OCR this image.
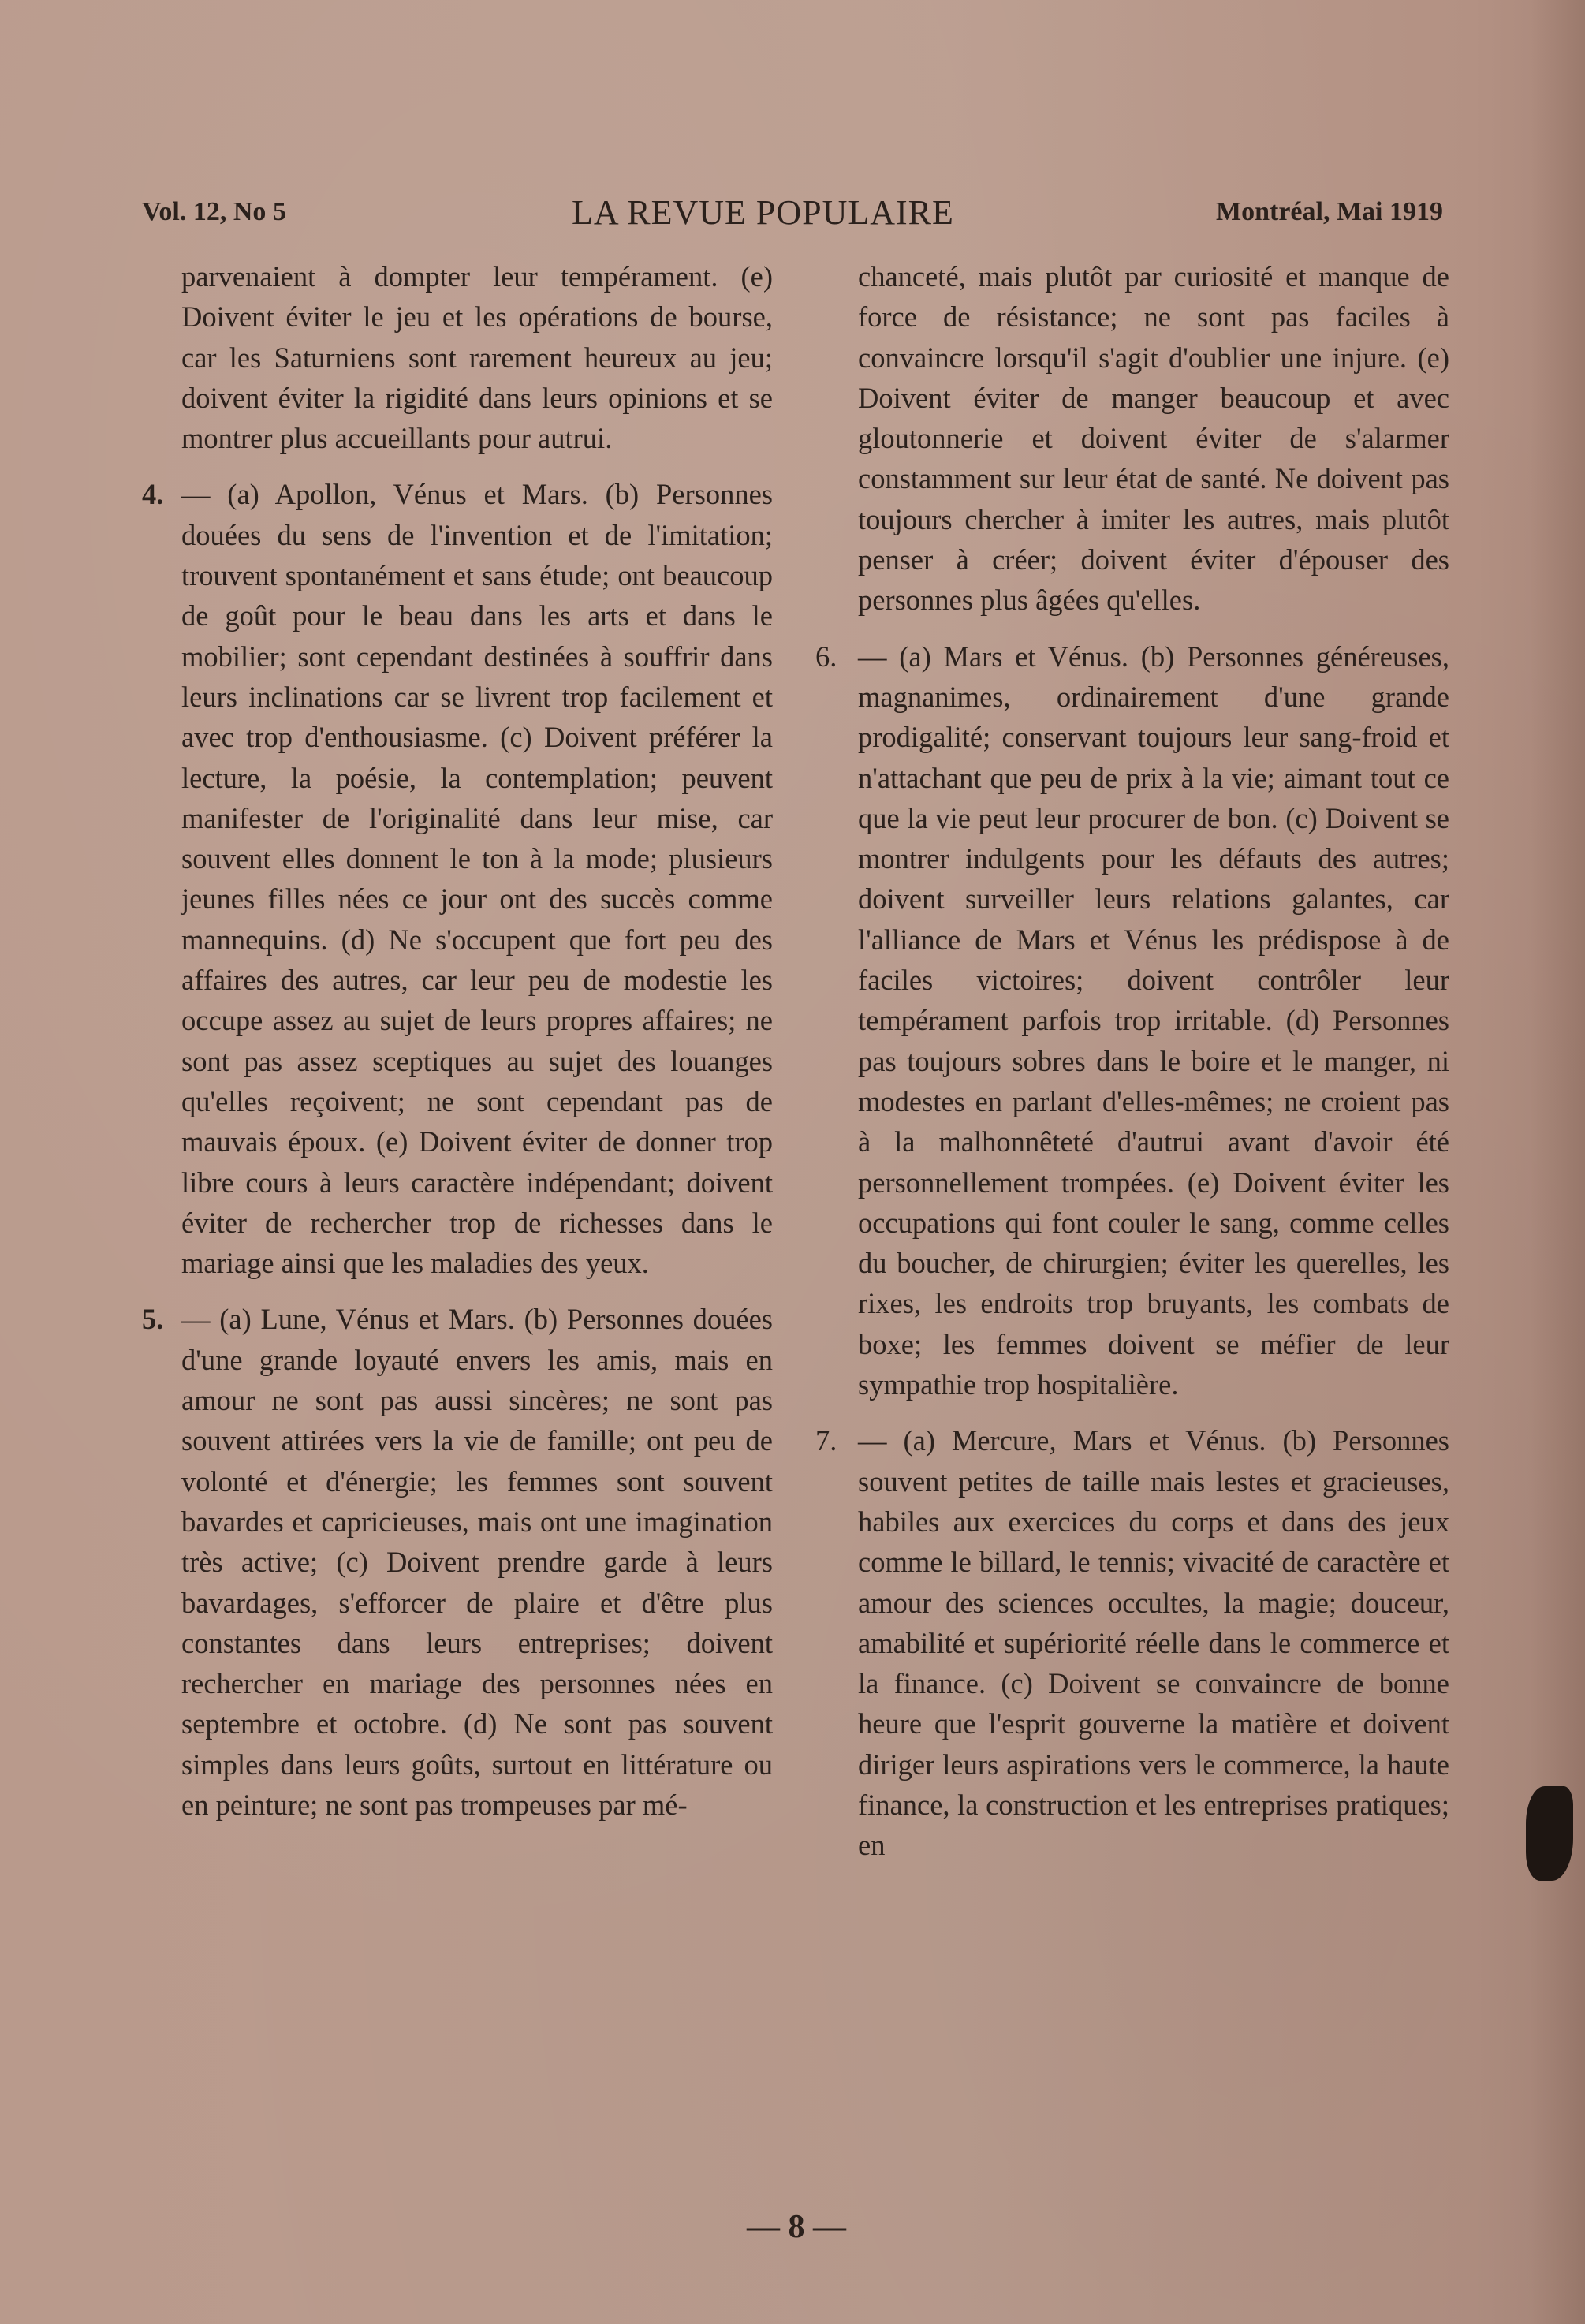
Vol. 12, No 5	LA REVUE POPULAIRE	Montréal, Mai 1919

parvenaient à dompter leur tempérament. (e) Doivent éviter le jeu et les opérations de bourse, car les Saturniens sont rarement heureux au jeu; doivent éviter la rigidité dans leurs opinions et se montrer plus accueillants pour autrui.

4. — (a) Apollon, Vénus et Mars. (b) Personnes douées du sens de l'invention et de l'imitation; trouvent spontanément et sans étude; ont beaucoup de goût pour le beau dans les arts et dans le mobilier; sont cependant destinées à souffrir dans leurs inclinations car se livrent trop facilement et avec trop d'enthousiasme. (c) Doivent préférer la lecture, la poésie, la contemplation; peuvent manifester de l'originalité dans leur mise, car souvent elles donnent le ton à la mode; plusieurs jeunes filles nées ce jour ont des succès comme mannequins. (d) Ne s'occupent que fort peu des affaires des autres, car leur peu de modestie les occupe assez au sujet de leurs propres affaires; ne sont pas assez sceptiques au sujet des louanges qu'elles reçoivent; ne sont cependant pas de mauvais époux. (e) Doivent éviter de donner trop libre cours à leurs caractère indépendant; doivent éviter de rechercher trop de richesses dans le mariage ainsi que les maladies des yeux.

5. — (a) Lune, Vénus et Mars. (b) Personnes douées d'une grande loyauté envers les amis, mais en amour ne sont pas aussi sincères; ne sont pas souvent attirées vers la vie de famille; ont peu de volonté et d'énergie; les femmes sont souvent bavardes et capricieuses, mais ont une imagination très active; (c) Doivent prendre garde à leurs bavardages, s'efforcer de plaire et d'être plus constantes dans leurs entreprises; doivent rechercher en mariage des personnes nées en septembre et octobre. (d) Ne sont pas souvent simples dans leurs goûts, surtout en littérature ou en peinture; ne sont pas trompeuses par mé-

chanceté, mais plutôt par curiosité et manque de force de résistance; ne sont pas faciles à convaincre lorsqu'il s'agit d'oublier une injure. (e) Doivent éviter de manger beaucoup et avec gloutonnerie et doivent éviter de s'alarmer constamment sur leur état de santé. Ne doivent pas toujours chercher à imiter les autres, mais plutôt penser à créer; doivent éviter d'épouser des personnes plus âgées qu'elles.

6. — (a) Mars et Vénus. (b) Personnes généreuses, magnanimes, ordinairement d'une grande prodigalité; conservant toujours leur sang-froid et n'attachant que peu de prix à la vie; aimant tout ce que la vie peut leur procurer de bon. (c) Doivent se montrer indulgents pour les défauts des autres; doivent surveiller leurs relations galantes, car l'alliance de Mars et Vénus les prédispose à de faciles victoires; doivent contrôler leur tempérament parfois trop irritable. (d) Personnes pas toujours sobres dans le boire et le manger, ni modestes en parlant d'elles-mêmes; ne croient pas à la malhonnêteté d'autrui avant d'avoir été personnellement trompées. (e) Doivent éviter les occupations qui font couler le sang, comme celles du boucher, de chirurgien; éviter les querelles, les rixes, les endroits trop bruyants, les combats de boxe; les femmes doivent se méfier de leur sympathie trop hospitalière.

7. — (a) Mercure, Mars et Vénus. (b) Personnes souvent petites de taille mais lestes et gracieuses, habiles aux exercices du corps et dans des jeux comme le billard, le tennis; vivacité de caractère et amour des sciences occultes, la magie; douceur, amabilité et supériorité réelle dans le commerce et la finance. (c) Doivent se convaincre de bonne heure que l'esprit gouverne la matière et doivent diriger leurs aspirations vers le commerce, la haute finance, la construction et les entreprises pratiques; en

— 8 —
